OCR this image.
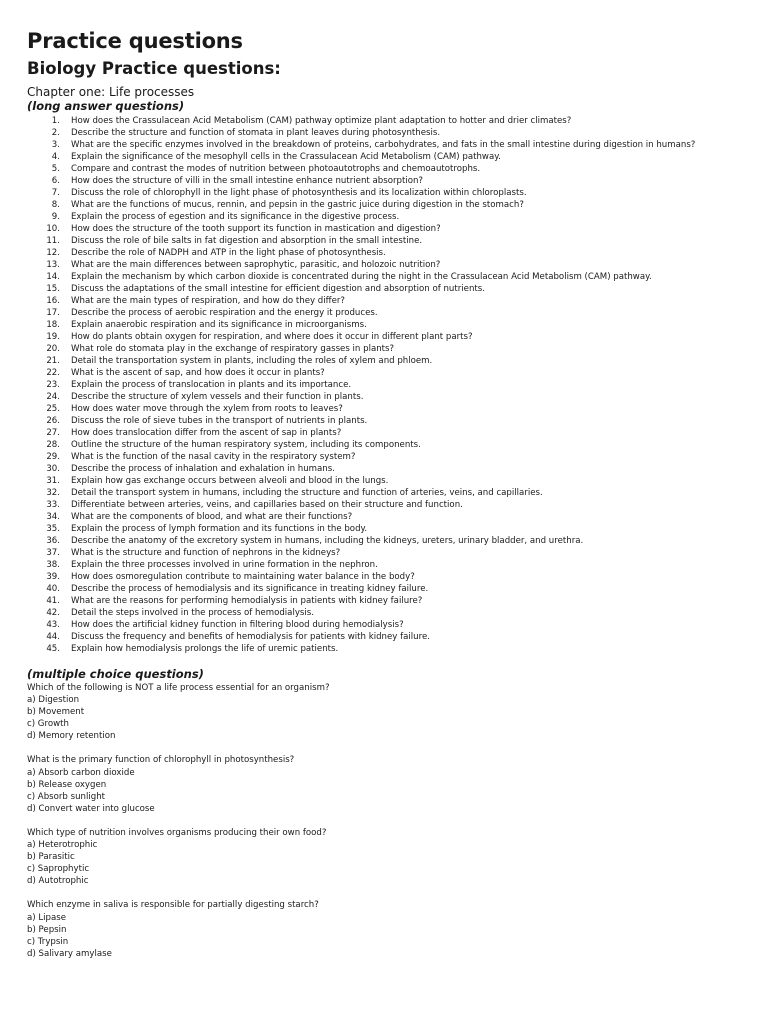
Practice questions
Biology Practice questions:
Chapter one: Life processes
(long answer questions)
1. How does the Crassulacean Acid Metabolism (CAM) pathway optimize plant adaptation to hotter and drier climates?
2. Describe the structure and function of stomata in plant leaves during photosynthesis.
3. What are the specific enzymes involved in the breakdown of proteins, carbohydrates, and fats in the small intestine during digestion in humans?
4. Explain the significance of the mesophyll cells in the Crassulacean Acid Metabolism (CAM) pathway.
5. Compare and contrast the modes of nutrition between photoautotrophs and chemoautotrophs.
6. How does the structure of villi in the small intestine enhance nutrient absorption?
7. Discuss the role of chlorophyll in the light phase of photosynthesis and its localization within chloroplasts.
8. What are the functions of mucus, rennin, and pepsin in the gastric juice during digestion in the stomach?
9. Explain the process of egestion and its significance in the digestive process.
10. How does the structure of the tooth support its function in mastication and digestion?
11. Discuss the role of bile salts in fat digestion and absorption in the small intestine.
12. Describe the role of NADPH and ATP in the light phase of photosynthesis.
13. What are the main differences between saprophytic, parasitic, and holozoic nutrition?
14. Explain the mechanism by which carbon dioxide is concentrated during the night in the Crassulacean Acid Metabolism (CAM) pathway.
15. Discuss the adaptations of the small intestine for efficient digestion and absorption of nutrients.
16. What are the main types of respiration, and how do they differ?
17. Describe the process of aerobic respiration and the energy it produces.
18. Explain anaerobic respiration and its significance in microorganisms.
19. How do plants obtain oxygen for respiration, and where does it occur in different plant parts?
20. What role do stomata play in the exchange of respiratory gasses in plants?
21. Detail the transportation system in plants, including the roles of xylem and phloem.
22. What is the ascent of sap, and how does it occur in plants?
23. Explain the process of translocation in plants and its importance.
24. Describe the structure of xylem vessels and their function in plants.
25. How does water move through the xylem from roots to leaves?
26. Discuss the role of sieve tubes in the transport of nutrients in plants.
27. How does translocation differ from the ascent of sap in plants?
28. Outline the structure of the human respiratory system, including its components.
29. What is the function of the nasal cavity in the respiratory system?
30. Describe the process of inhalation and exhalation in humans.
31. Explain how gas exchange occurs between alveoli and blood in the lungs.
32. Detail the transport system in humans, including the structure and function of arteries, veins, and capillaries.
33. Differentiate between arteries, veins, and capillaries based on their structure and function.
34. What are the components of blood, and what are their functions?
35. Explain the process of lymph formation and its functions in the body.
36. Describe the anatomy of the excretory system in humans, including the kidneys, ureters, urinary bladder, and urethra.
37. What is the structure and function of nephrons in the kidneys?
38. Explain the three processes involved in urine formation in the nephron.
39. How does osmoregulation contribute to maintaining water balance in the body?
40. Describe the process of hemodialysis and its significance in treating kidney failure.
41. What are the reasons for performing hemodialysis in patients with kidney failure?
42. Detail the steps involved in the process of hemodialysis.
43. How does the artificial kidney function in filtering blood during hemodialysis?
44. Discuss the frequency and benefits of hemodialysis for patients with kidney failure.
45. Explain how hemodialysis prolongs the life of uremic patients.
(multiple choice questions)
Which of the following is NOT a life process essential for an organism?
a) Digestion
b) Movement
c) Growth
d) Memory retention
What is the primary function of chlorophyll in photosynthesis?
a) Absorb carbon dioxide
b) Release oxygen
c) Absorb sunlight
d) Convert water into glucose
Which type of nutrition involves organisms producing their own food?
a) Heterotrophic
b) Parasitic
c) Saprophytic
d) Autotrophic
Which enzyme in saliva is responsible for partially digesting starch?
a) Lipase
b) Pepsin
c) Trypsin
d) Salivary amylase
